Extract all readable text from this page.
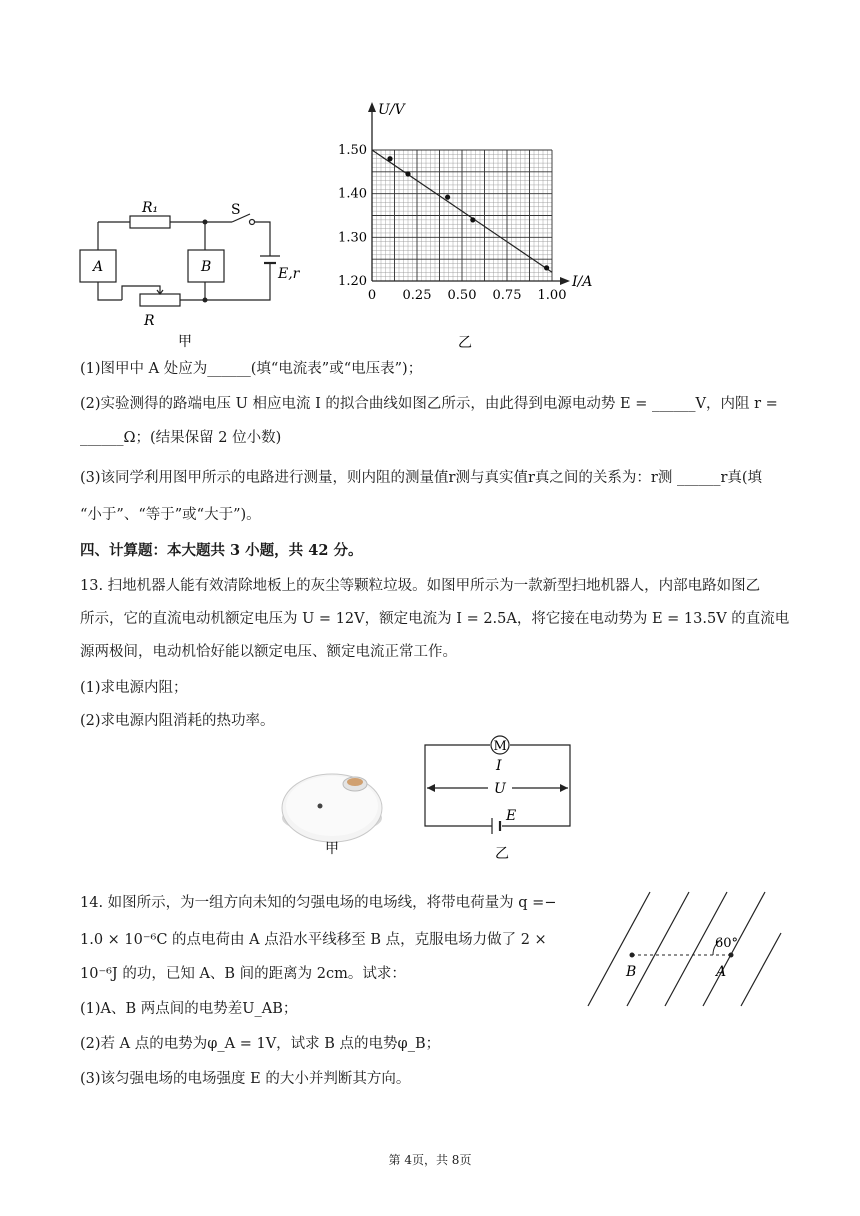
R₁	S
A	B	E,r
R
甲
0 0.25 0.50 0.75 1.00
1.50
1.40
1.30
1.20
U/V
I/A
乙
(1)图甲中 A 处应为______(填“电流表”或“电压表”)；
(2)实验测得的路端电压 U 相应电流 I 的拟合曲线如图乙所示，由此得到电源电动势 E = ______V，内阻 r =
______Ω；(结果保留 2 位小数)
(3)该同学利用图甲所示的电路进行测量，则内阻的测量值r测与真实值r真之间的关系为：r测 ______r真(填
“小于”、“等于”或“大于”)。
四、计算题：本大题共 3 小题，共 42 分。
13. 扫地机器人能有效清除地板上的灰尘等颗粒垃圾。如图甲所示为一款新型扫地机器人，内部电路如图乙
所示，它的直流电动机额定电压为 U = 12V，额定电流为 I = 2.5A，将它接在电动势为 E = 13.5V 的直流电
源两极间，电动机恰好能以额定电压、额定电流正常工作。
(1)求电源内阻；
(2)求电源内阻消耗的热功率。
甲
M
I
U
E
乙
14. 如图所示，为一组方向未知的匀强电场的电场线，将带电荷量为 q =−
1.0 × 10⁻⁶C 的点电荷由 A 点沿水平线移至 B 点，克服电场力做了 2 ×
10⁻⁶J 的功，已知 A、B 间的距离为 2cm。试求：
(1)A、B 两点间的电势差U_AB；
(2)若 A 点的电势为φ_A = 1V，试求 B 点的电势φ_B；
(3)该匀强电场的电场强度 E 的大小并判断其方向。
B	A
60°
第 4页，共 8页
